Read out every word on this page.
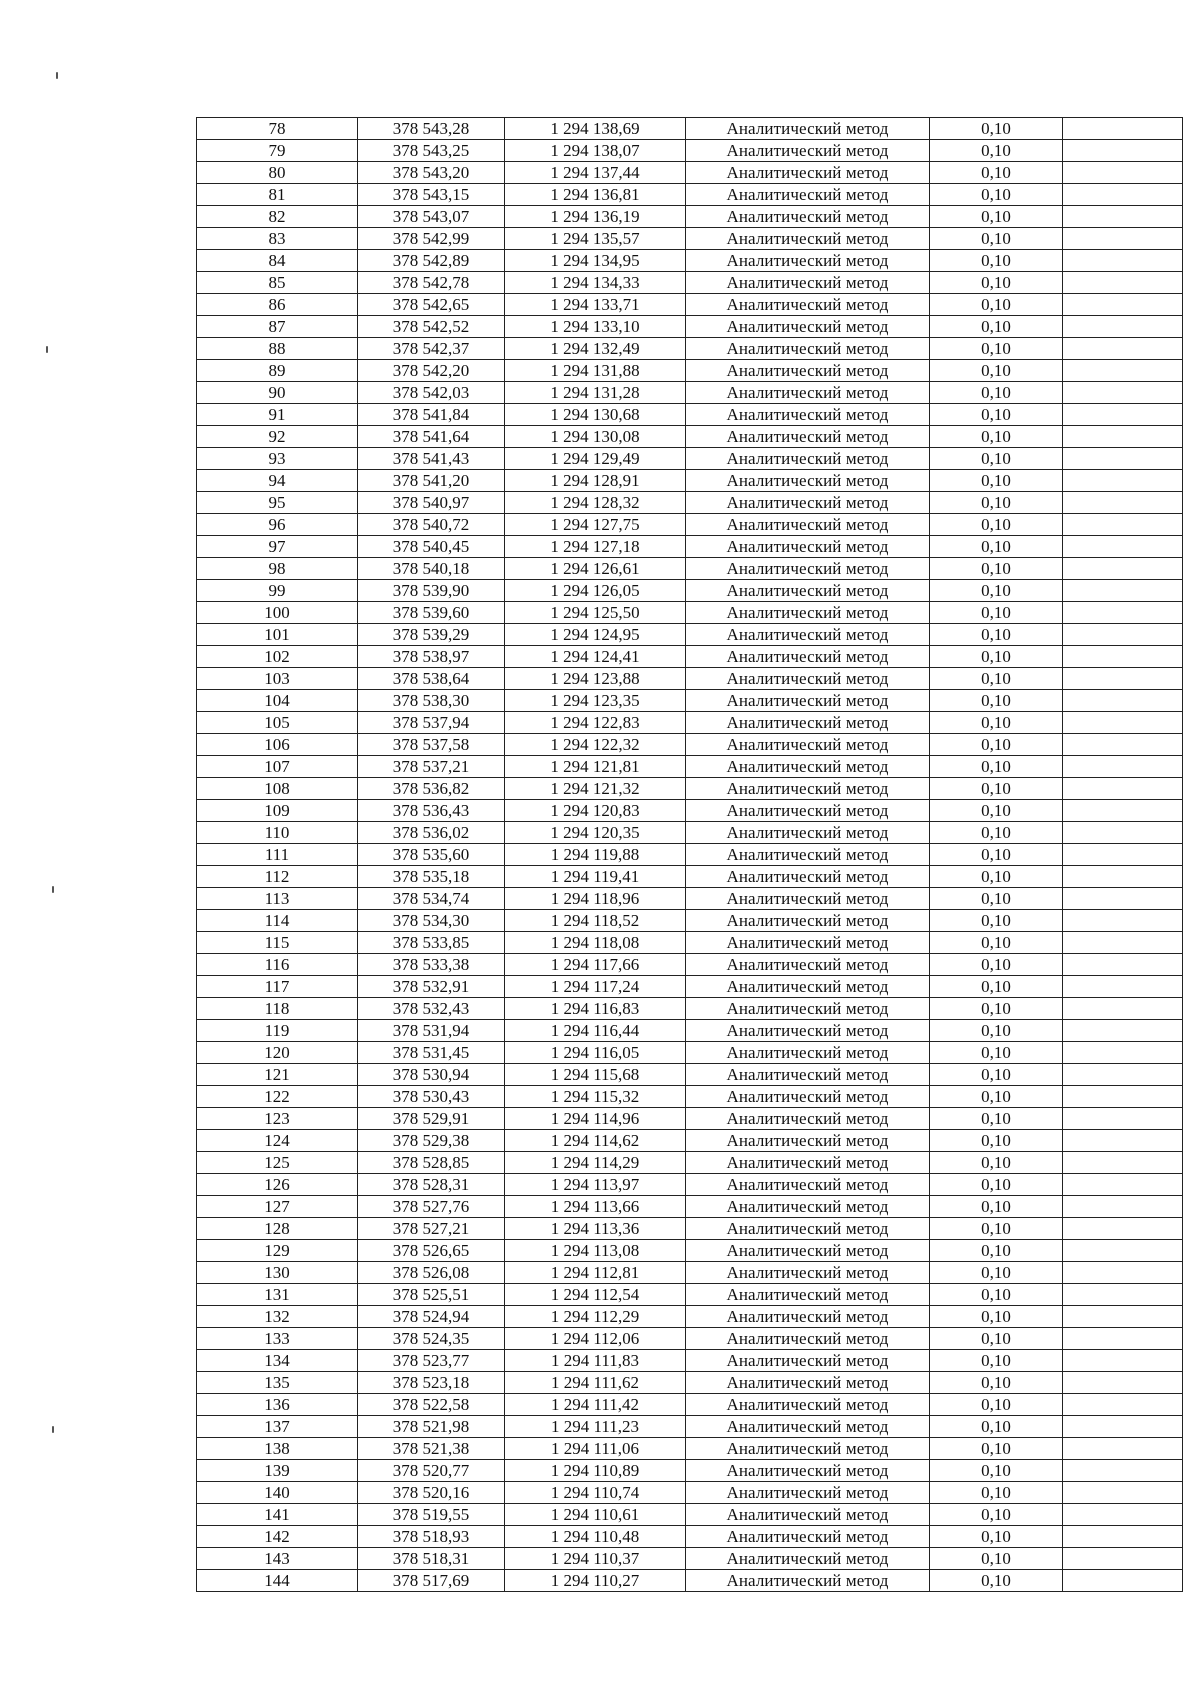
78	378 543,28	1 294 138,69	Аналитический метод	0,10	
79	378 543,25	1 294 138,07	Аналитический метод	0,10	
80	378 543,20	1 294 137,44	Аналитический метод	0,10	
81	378 543,15	1 294 136,81	Аналитический метод	0,10	
82	378 543,07	1 294 136,19	Аналитический метод	0,10	
83	378 542,99	1 294 135,57	Аналитический метод	0,10	
84	378 542,89	1 294 134,95	Аналитический метод	0,10	
85	378 542,78	1 294 134,33	Аналитический метод	0,10	
86	378 542,65	1 294 133,71	Аналитический метод	0,10	
87	378 542,52	1 294 133,10	Аналитический метод	0,10	
88	378 542,37	1 294 132,49	Аналитический метод	0,10	
89	378 542,20	1 294 131,88	Аналитический метод	0,10	
90	378 542,03	1 294 131,28	Аналитический метод	0,10	
91	378 541,84	1 294 130,68	Аналитический метод	0,10	
92	378 541,64	1 294 130,08	Аналитический метод	0,10	
93	378 541,43	1 294 129,49	Аналитический метод	0,10	
94	378 541,20	1 294 128,91	Аналитический метод	0,10	
95	378 540,97	1 294 128,32	Аналитический метод	0,10	
96	378 540,72	1 294 127,75	Аналитический метод	0,10	
97	378 540,45	1 294 127,18	Аналитический метод	0,10	
98	378 540,18	1 294 126,61	Аналитический метод	0,10	
99	378 539,90	1 294 126,05	Аналитический метод	0,10	
100	378 539,60	1 294 125,50	Аналитический метод	0,10	
101	378 539,29	1 294 124,95	Аналитический метод	0,10	
102	378 538,97	1 294 124,41	Аналитический метод	0,10	
103	378 538,64	1 294 123,88	Аналитический метод	0,10	
104	378 538,30	1 294 123,35	Аналитический метод	0,10	
105	378 537,94	1 294 122,83	Аналитический метод	0,10	
106	378 537,58	1 294 122,32	Аналитический метод	0,10	
107	378 537,21	1 294 121,81	Аналитический метод	0,10	
108	378 536,82	1 294 121,32	Аналитический метод	0,10	
109	378 536,43	1 294 120,83	Аналитический метод	0,10	
110	378 536,02	1 294 120,35	Аналитический метод	0,10	
111	378 535,60	1 294 119,88	Аналитический метод	0,10	
112	378 535,18	1 294 119,41	Аналитический метод	0,10	
113	378 534,74	1 294 118,96	Аналитический метод	0,10	
114	378 534,30	1 294 118,52	Аналитический метод	0,10	
115	378 533,85	1 294 118,08	Аналитический метод	0,10	
116	378 533,38	1 294 117,66	Аналитический метод	0,10	
117	378 532,91	1 294 117,24	Аналитический метод	0,10	
118	378 532,43	1 294 116,83	Аналитический метод	0,10	
119	378 531,94	1 294 116,44	Аналитический метод	0,10	
120	378 531,45	1 294 116,05	Аналитический метод	0,10	
121	378 530,94	1 294 115,68	Аналитический метод	0,10	
122	378 530,43	1 294 115,32	Аналитический метод	0,10	
123	378 529,91	1 294 114,96	Аналитический метод	0,10	
124	378 529,38	1 294 114,62	Аналитический метод	0,10	
125	378 528,85	1 294 114,29	Аналитический метод	0,10	
126	378 528,31	1 294 113,97	Аналитический метод	0,10	
127	378 527,76	1 294 113,66	Аналитический метод	0,10	
128	378 527,21	1 294 113,36	Аналитический метод	0,10	
129	378 526,65	1 294 113,08	Аналитический метод	0,10	
130	378 526,08	1 294 112,81	Аналитический метод	0,10	
131	378 525,51	1 294 112,54	Аналитический метод	0,10	
132	378 524,94	1 294 112,29	Аналитический метод	0,10	
133	378 524,35	1 294 112,06	Аналитический метод	0,10	
134	378 523,77	1 294 111,83	Аналитический метод	0,10	
135	378 523,18	1 294 111,62	Аналитический метод	0,10	
136	378 522,58	1 294 111,42	Аналитический метод	0,10	
137	378 521,98	1 294 111,23	Аналитический метод	0,10	
138	378 521,38	1 294 111,06	Аналитический метод	0,10	
139	378 520,77	1 294 110,89	Аналитический метод	0,10	
140	378 520,16	1 294 110,74	Аналитический метод	0,10	
141	378 519,55	1 294 110,61	Аналитический метод	0,10	
142	378 518,93	1 294 110,48	Аналитический метод	0,10	
143	378 518,31	1 294 110,37	Аналитический метод	0,10	
144	378 517,69	1 294 110,27	Аналитический метод	0,10	
